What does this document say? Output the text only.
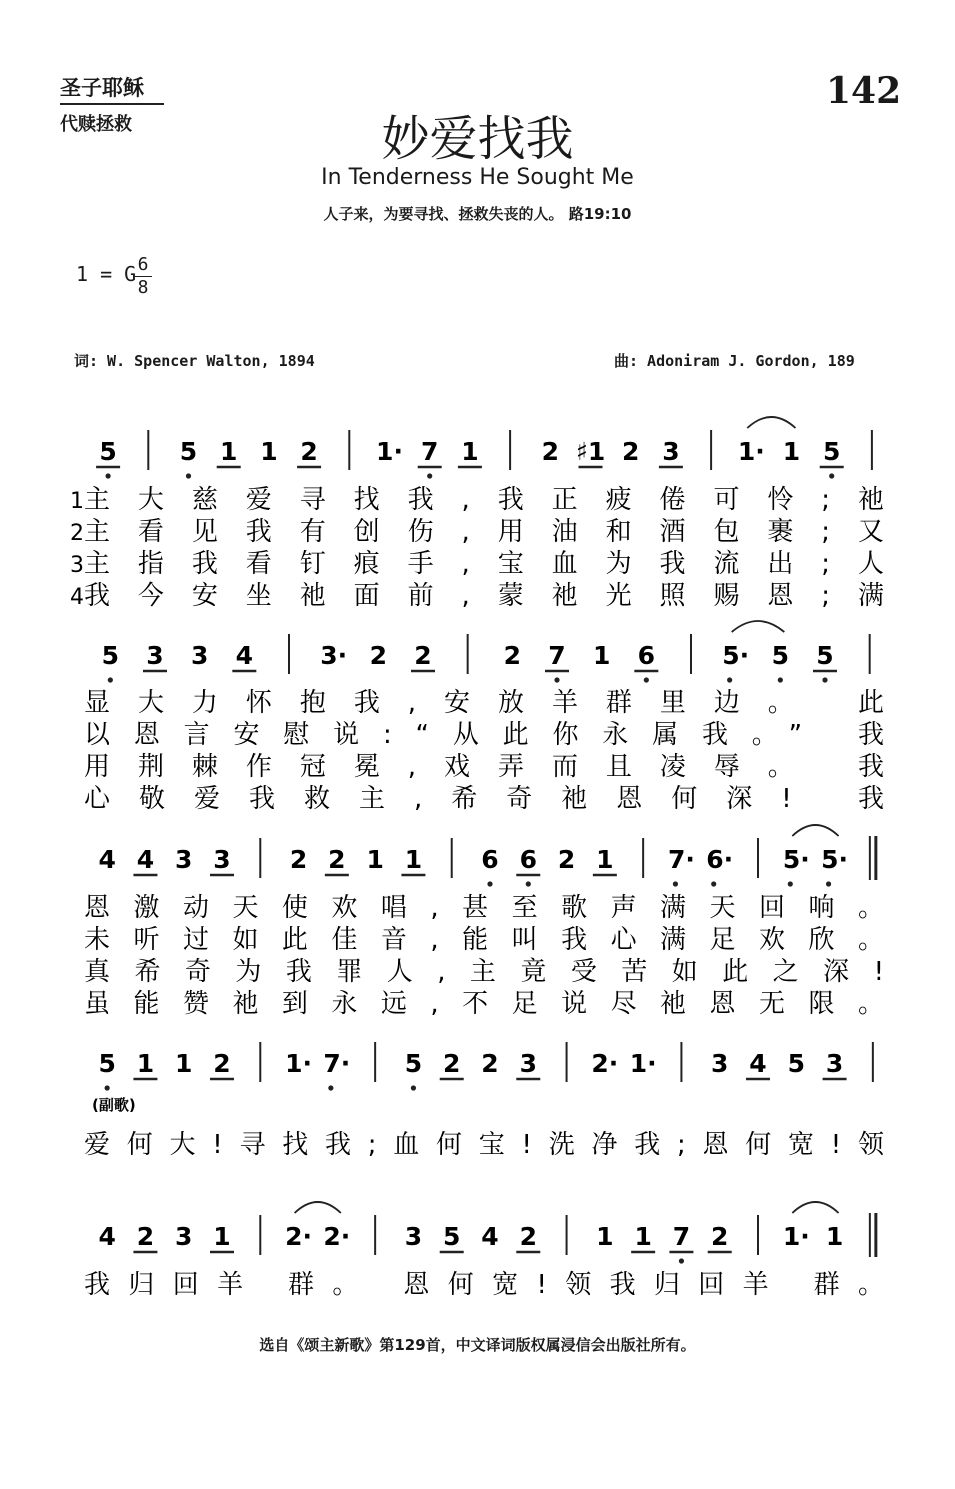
圣子耶稣
代赎拯救
142
妙爱找我
In Tenderness He Sought Me
人子来，为要寻找、拯救失丧的人。 路19:10
1 = G 6
8
词: W. Spencer Walton, 1894	曲: Adoniram J. Gordon, 189
5	5 1 1 2 1· 7 1	2 ♯1 2 3 1· 1 5
1 主大慈爱寻找我,我正疲倦可怜;祂
2 主看见我有创伤,用油和酒包裹;又
3 主指我看钉痕手,宝血为我流出;人
4 我今安坐祂面前,蒙祂光照赐恩;满
5 3 3 4	3· 2 2	2 7 1 6	5· 5 5
显大力怀抱我,安放羊群里边。 此
以恩言安慰说:“从此你永属我。” 我
用荆棘作冠冕,戏弄而且凌辱。 我
心敬爱我救主,希奇祂恩何深! 我
4 4 3 3 2 2 1 1 6 6 2 1 7· 6· 5· 5·
恩激动天使欢唱,甚至歌声满天回响。
未听过如此佳音,能叫我心满足欢欣。
真希奇为我罪人,主竟受苦如此之深!
虽能赞祂到永远,不足说尽祂恩无限。
5 1 1 2 1· 7· 5 2 2 3 2· 1· 3 4 5 3
(副歌)
爱何大!寻找我;血何宝!洗净我;恩何宽!领
4 2 3 1 2· 2· 3 5 4 2 1 1 7 2 1· 1
我归回羊 群。 恩何宽!领我归回羊 群。
选自《颂主新歌》第129首，中文译词版权属浸信会出版社所有。
